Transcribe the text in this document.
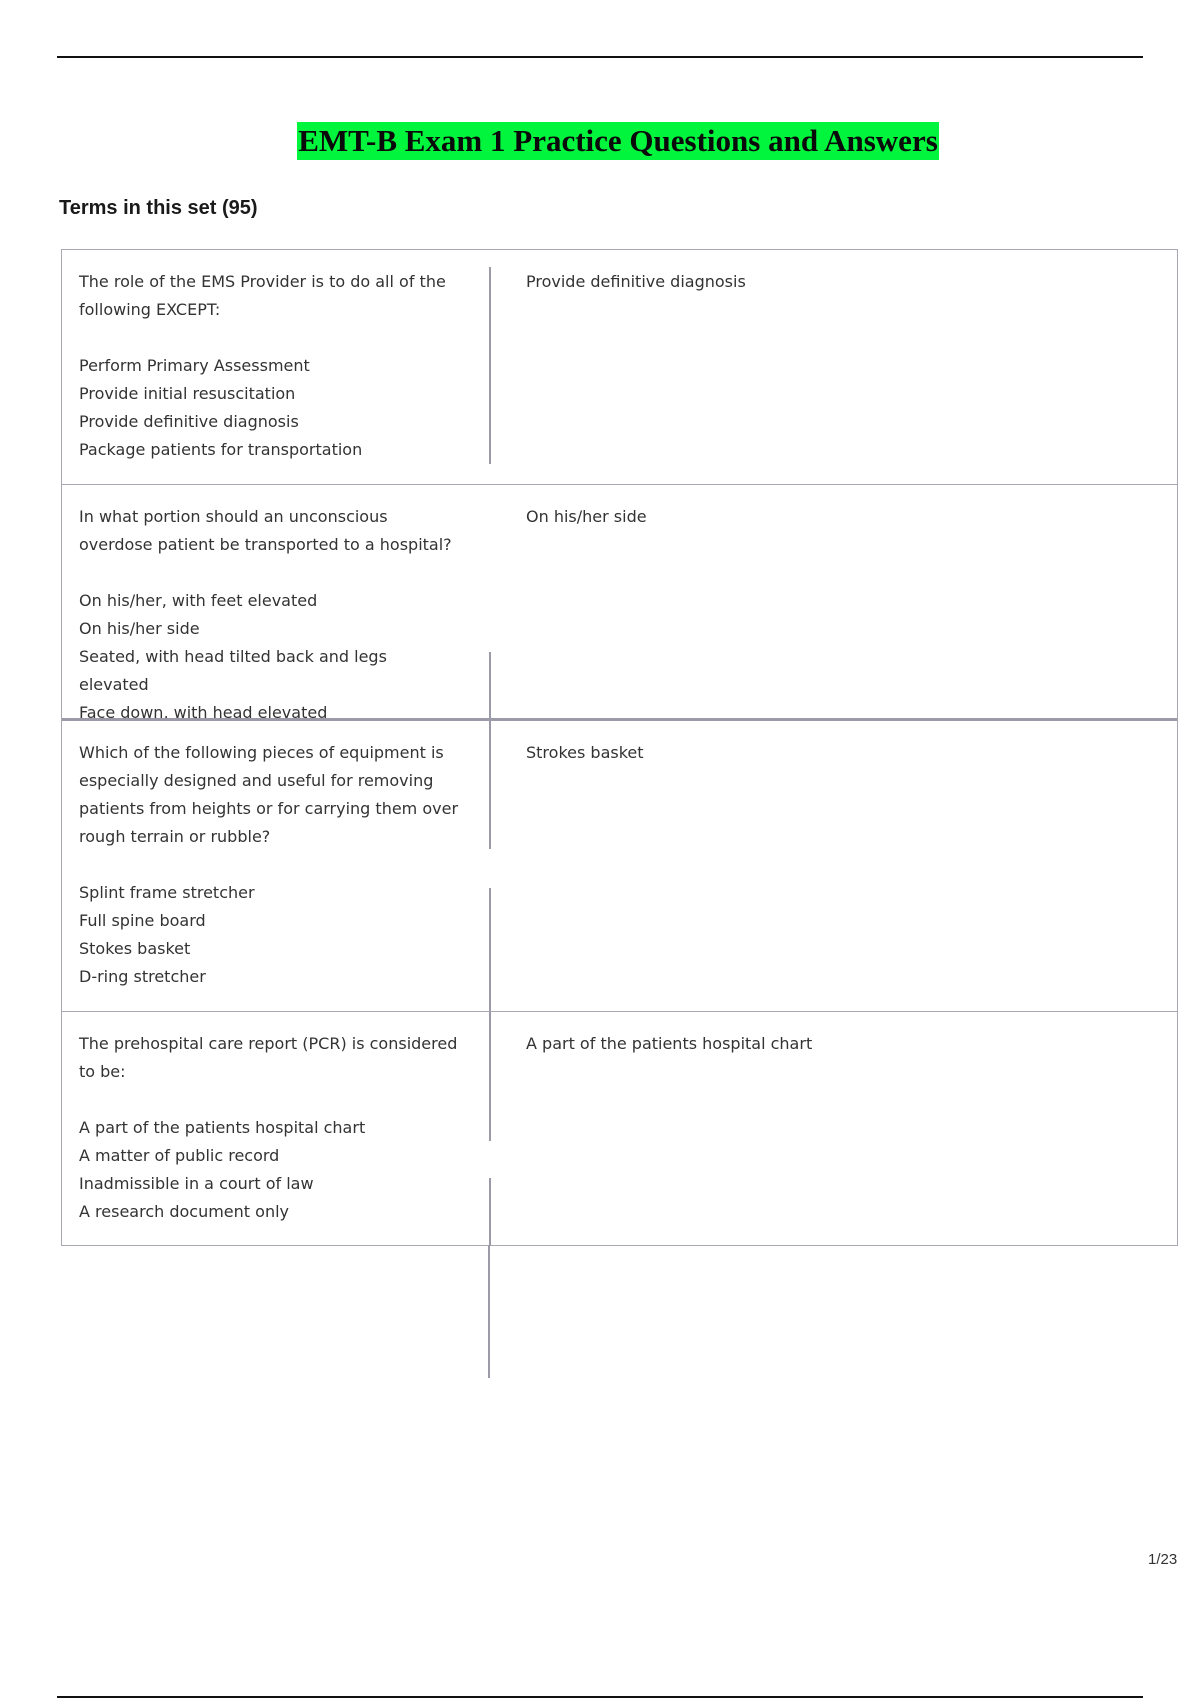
EMT-B Exam 1 Practice Questions and Answers
Terms in this set (95)

The role of the EMS Provider is to do all of the following EXCEPT:

Perform Primary Assessment

Provide initial resuscitation

Provide definitive diagnosis

Package patients for transportation

Provide definitive diagnosis

In what portion should an unconscious overdose patient be transported to a hospital?

On his/her, with feet elevated

On his/her side

Seated, with head tilted back and legs elevated

Face down, with head elevated

On his/her side

Which of the following pieces of equipment is especially designed and useful for removing patients from heights or for carrying them over rough terrain or rubble?

Splint frame stretcher

Full spine board

Stokes basket

D-ring stretcher

Strokes basket

The prehospital care report (PCR) is considered to be:

A part of the patients hospital chart

A matter of public record

Inadmissible in a court of law

A research document only

A part of the patients hospital chart
1/23
